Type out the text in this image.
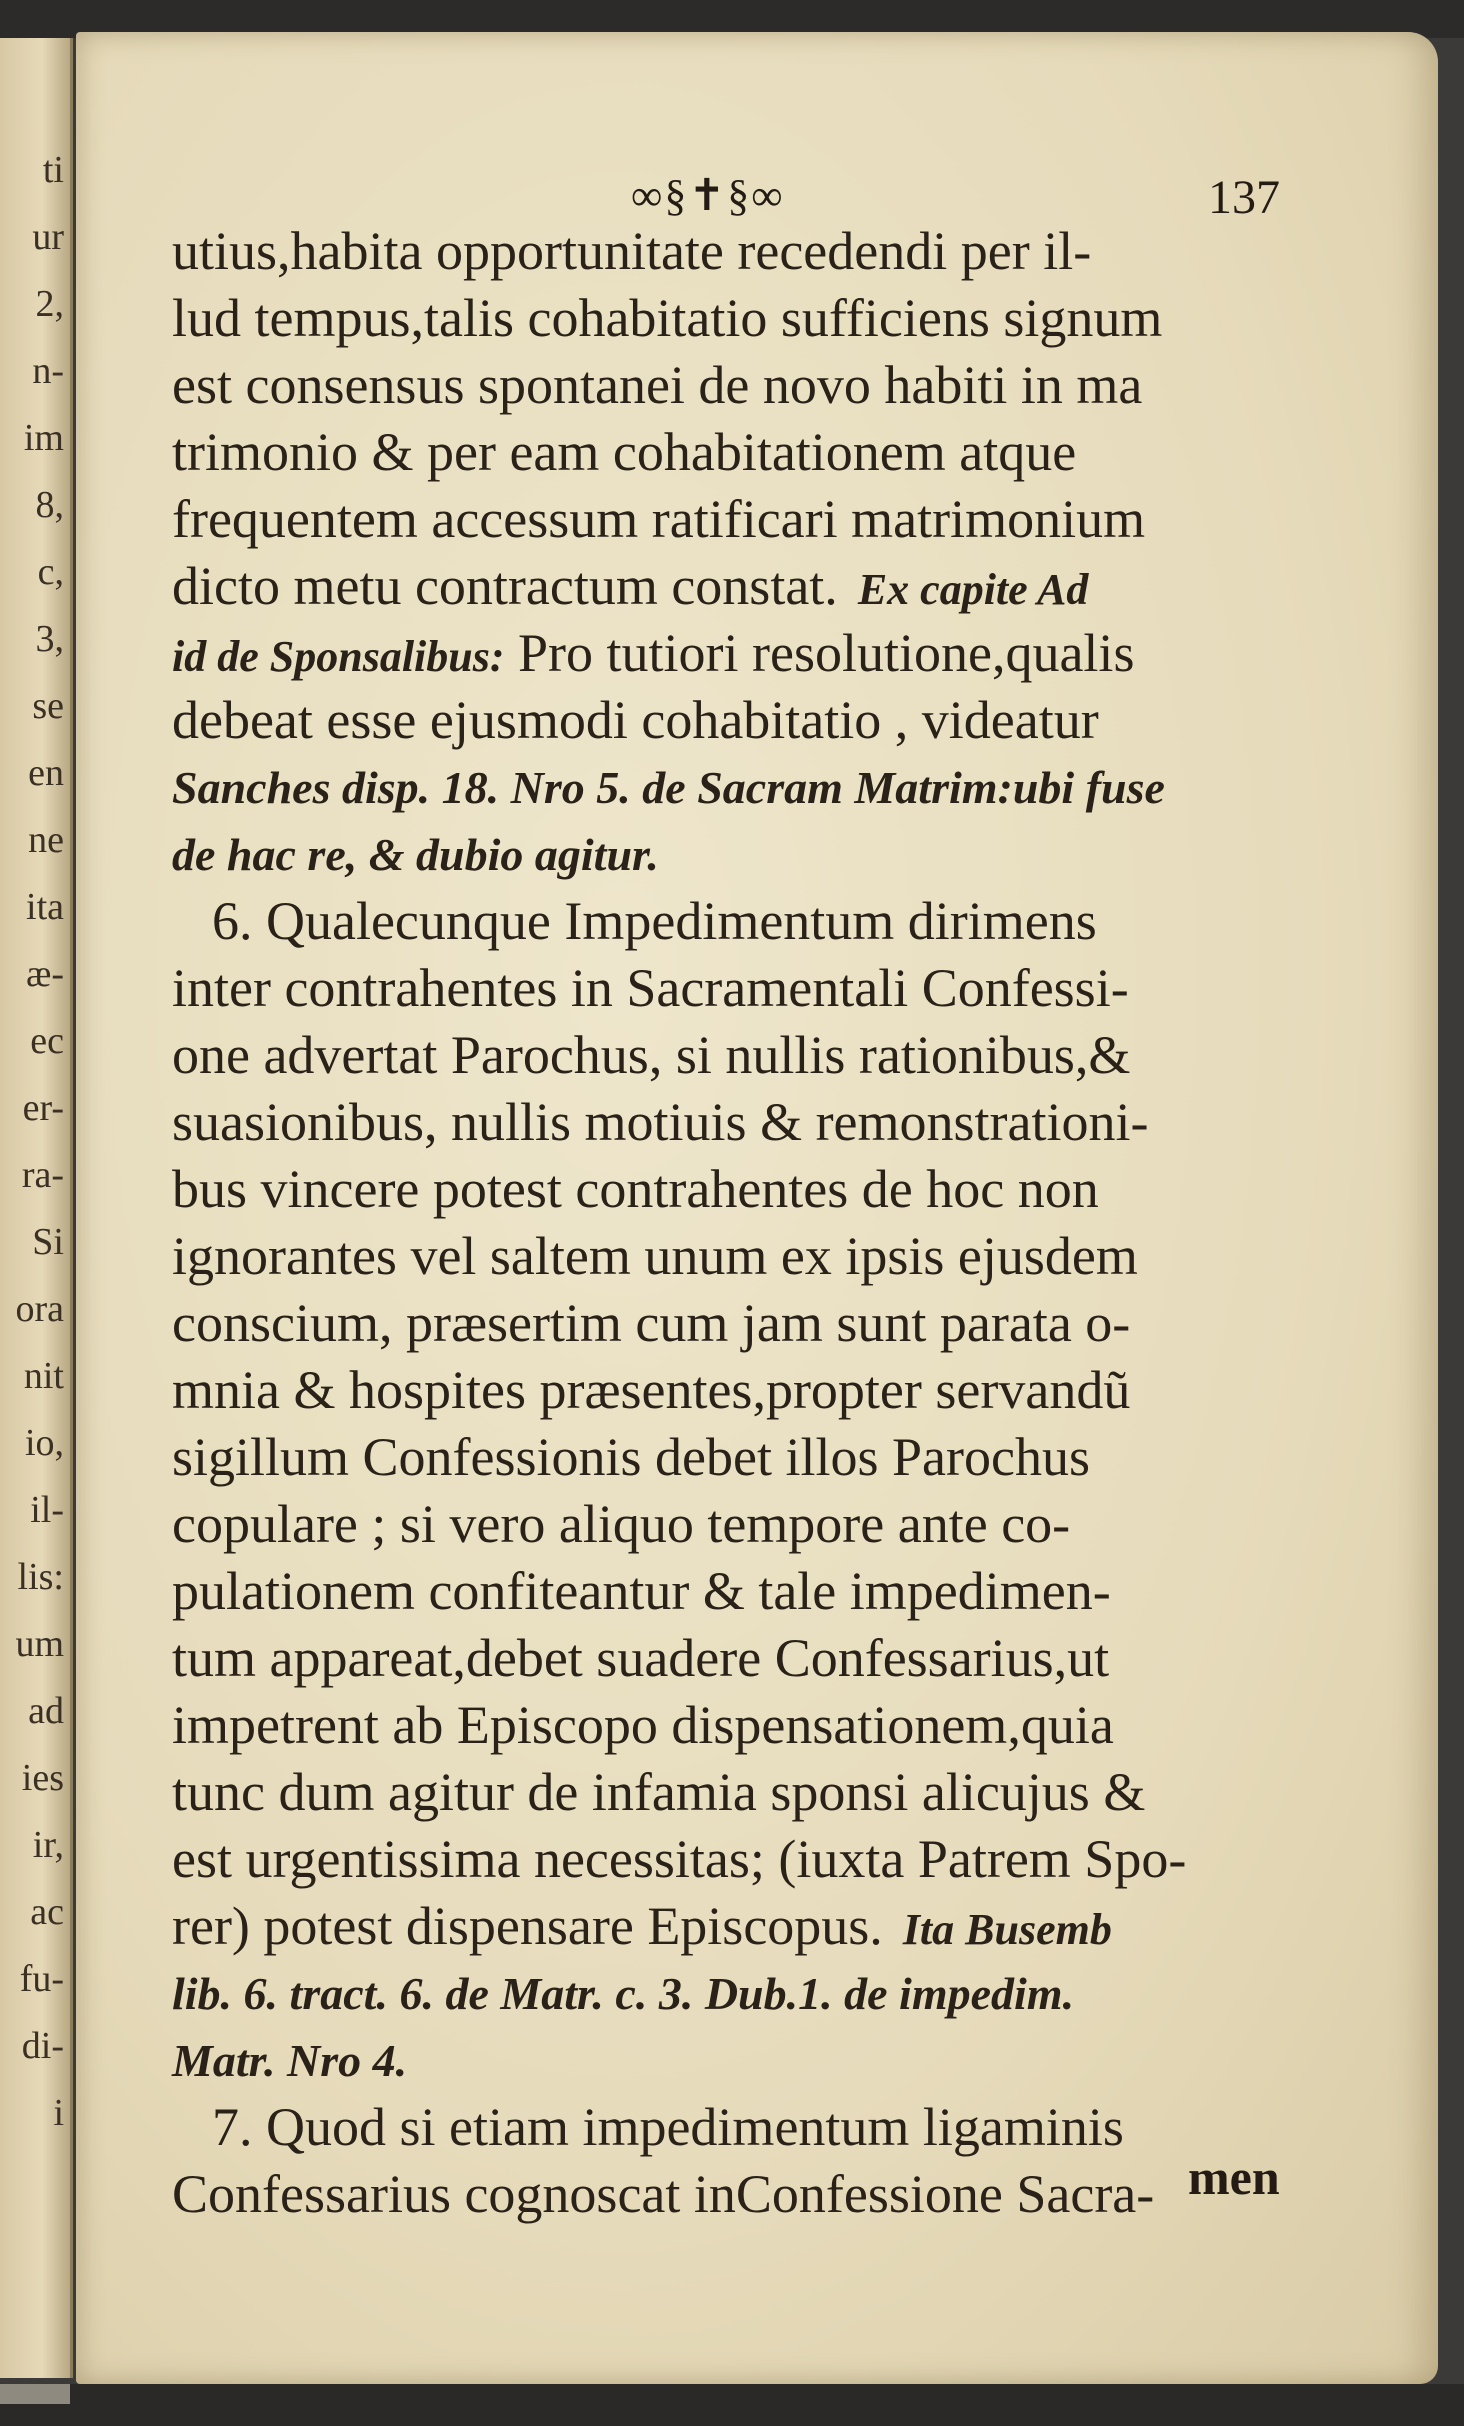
ti
ur
2,
n-
im
8,
c,
3,
se
en
ne
ita
æ-
ec
er-
ra-
Si
ora
nit
io,
il-
lis:
um
ad
ies
ir,
ac
fu-
di-
i
∞§✝§∞	137
utius,habita opportunitate recedendi per il-
lud tempus,talis cohabitatio sufficiens signum
est consensus spontanei de novo habiti in ma
trimonio & per eam cohabitationem atque
frequentem accessum ratificari matrimonium
dicto metu contractum constat. Ex capite Ad
id de Sponsalibus: Pro tutiori resolutione,qualis
debeat esse ejusmodi cohabitatio , videatur
Sanches disp. 18. Nro 5. de Sacram Matrim:ubi fuse
de hac re, & dubio agitur.
6. Qualecunque Impedimentum dirimens
inter contrahentes in Sacramentali Confessi-
one advertat Parochus, si nullis rationibus,&
suasionibus, nullis motiuis & remonstrationi-
bus vincere potest contrahentes de hoc non
ignorantes vel saltem unum ex ipsis ejusdem
conscium, præsertim cum jam sunt parata o-
mnia & hospites præsentes,propter servandũ
sigillum Confessionis debet illos Parochus
copulare ; si vero aliquo tempore ante co-
pulationem confiteantur & tale impedimen-
tum appareat,debet suadere Confessarius,ut
impetrent ab Episcopo dispensationem,quia
tunc dum agitur de infamia sponsi alicujus &
est urgentissima necessitas; (iuxta Patrem Spo-
rer) potest dispensare Episcopus. Ita Busemb
lib. 6. tract. 6. de Matr. c. 3. Dub.1. de impedim.
Matr. Nro 4.
7. Quod si etiam impedimentum ligaminis
Confessarius cognoscat inConfessione Sacra- men
